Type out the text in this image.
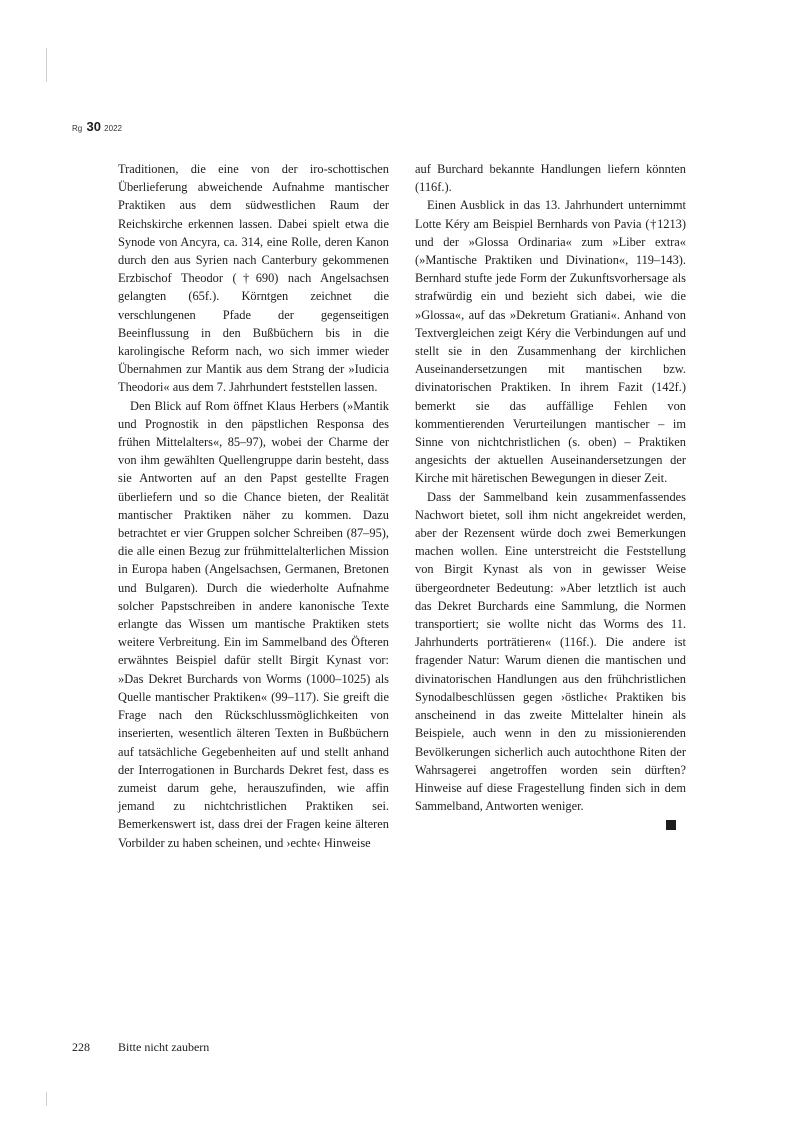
Rg 30 2022

Traditionen, die eine von der iro-schottischen Überlieferung abweichende Aufnahme mantischer Praktiken aus dem südwestlichen Raum der Reichskirche erkennen lassen. Dabei spielt etwa die Synode von Ancyra, ca. 314, eine Rolle, deren Kanon durch den aus Syrien nach Canterbury gekommenen Erzbischof Theodor (†690) nach Angelsachsen gelangten (65f.). Körntgen zeichnet die verschlungenen Pfade der gegenseitigen Beeinflussung in den Bußbüchern bis in die karolingische Reform nach, wo sich immer wieder Übernahmen zur Mantik aus dem Strang der »Iudicia Theodori« aus dem 7. Jahrhundert feststellen lassen.

Den Blick auf Rom öffnet Klaus Herbers (»Mantik und Prognostik in den päpstlichen Responsa des frühen Mittelalters«, 85–97), wobei der Charme der von ihm gewählten Quellengruppe darin besteht, dass sie Antworten auf an den Papst gestellte Fragen überliefern und so die Chance bieten, der Realität mantischer Praktiken näher zu kommen. Dazu betrachtet er vier Gruppen solcher Schreiben (87–95), die alle einen Bezug zur frühmittelalterlichen Mission in Europa haben (Angelsachsen, Germanen, Bretonen und Bulgaren). Durch die wiederholte Aufnahme solcher Papstschreiben in andere kanonische Texte erlangte das Wissen um mantische Praktiken stets weitere Verbreitung. Ein im Sammelband des Öfteren erwähntes Beispiel dafür stellt Birgit Kynast vor: »Das Dekret Burchards von Worms (1000–1025) als Quelle mantischer Praktiken« (99–117). Sie greift die Frage nach den Rückschlussmöglichkeiten von inserierten, wesentlich älteren Texten in Bußbüchern auf tatsächliche Gegebenheiten auf und stellt anhand der Interrogationen in Burchards Dekret fest, dass es zumeist darum gehe, herauszufinden, wie affin jemand zu nichtchristlichen Praktiken sei. Bemerkenswert ist, dass drei der Fragen keine älteren Vorbilder zu haben scheinen, und ›echte‹ Hinweise

auf Burchard bekannte Handlungen liefern könnten (116f.).

Einen Ausblick in das 13. Jahrhundert unternimmt Lotte Kéry am Beispiel Bernhards von Pavia (†1213) und der »Glossa Ordinaria« zum »Liber extra« (»Mantische Praktiken und Divination«, 119–143). Bernhard stufte jede Form der Zukunftsvorhersage als strafwürdig ein und bezieht sich dabei, wie die »Glossa«, auf das »Dekretum Gratiani«. Anhand von Textvergleichen zeigt Kéry die Verbindungen auf und stellt sie in den Zusammenhang der kirchlichen Auseinandersetzungen mit mantischen bzw. divinatorischen Praktiken. In ihrem Fazit (142f.) bemerkt sie das auffällige Fehlen von kommentierenden Verurteilungen mantischer – im Sinne von nichtchristlichen (s. oben) – Praktiken angesichts der aktuellen Auseinandersetzungen der Kirche mit häretischen Bewegungen in dieser Zeit.

Dass der Sammelband kein zusammenfassendes Nachwort bietet, soll ihm nicht angekreidet werden, aber der Rezensent würde doch zwei Bemerkungen machen wollen. Eine unterstreicht die Feststellung von Birgit Kynast als von in gewisser Weise übergeordneter Bedeutung: »Aber letztlich ist auch das Dekret Burchards eine Sammlung, die Normen transportiert; sie wollte nicht das Worms des 11. Jahrhunderts porträtieren« (116f.). Die andere ist fragender Natur: Warum dienen die mantischen und divinatorischen Handlungen aus den frühchristlichen Synodalbeschlüssen gegen ›östliche‹ Praktiken bis anscheinend in das zweite Mittelalter hinein als Beispiele, auch wenn in den zu missionierenden Bevölkerungen sicherlich auch autochthone Riten der Wahrsagerei angetroffen worden sein dürften? Hinweise auf diese Fragestellung finden sich in dem Sammelband, Antworten weniger.

228 Bitte nicht zaubern
